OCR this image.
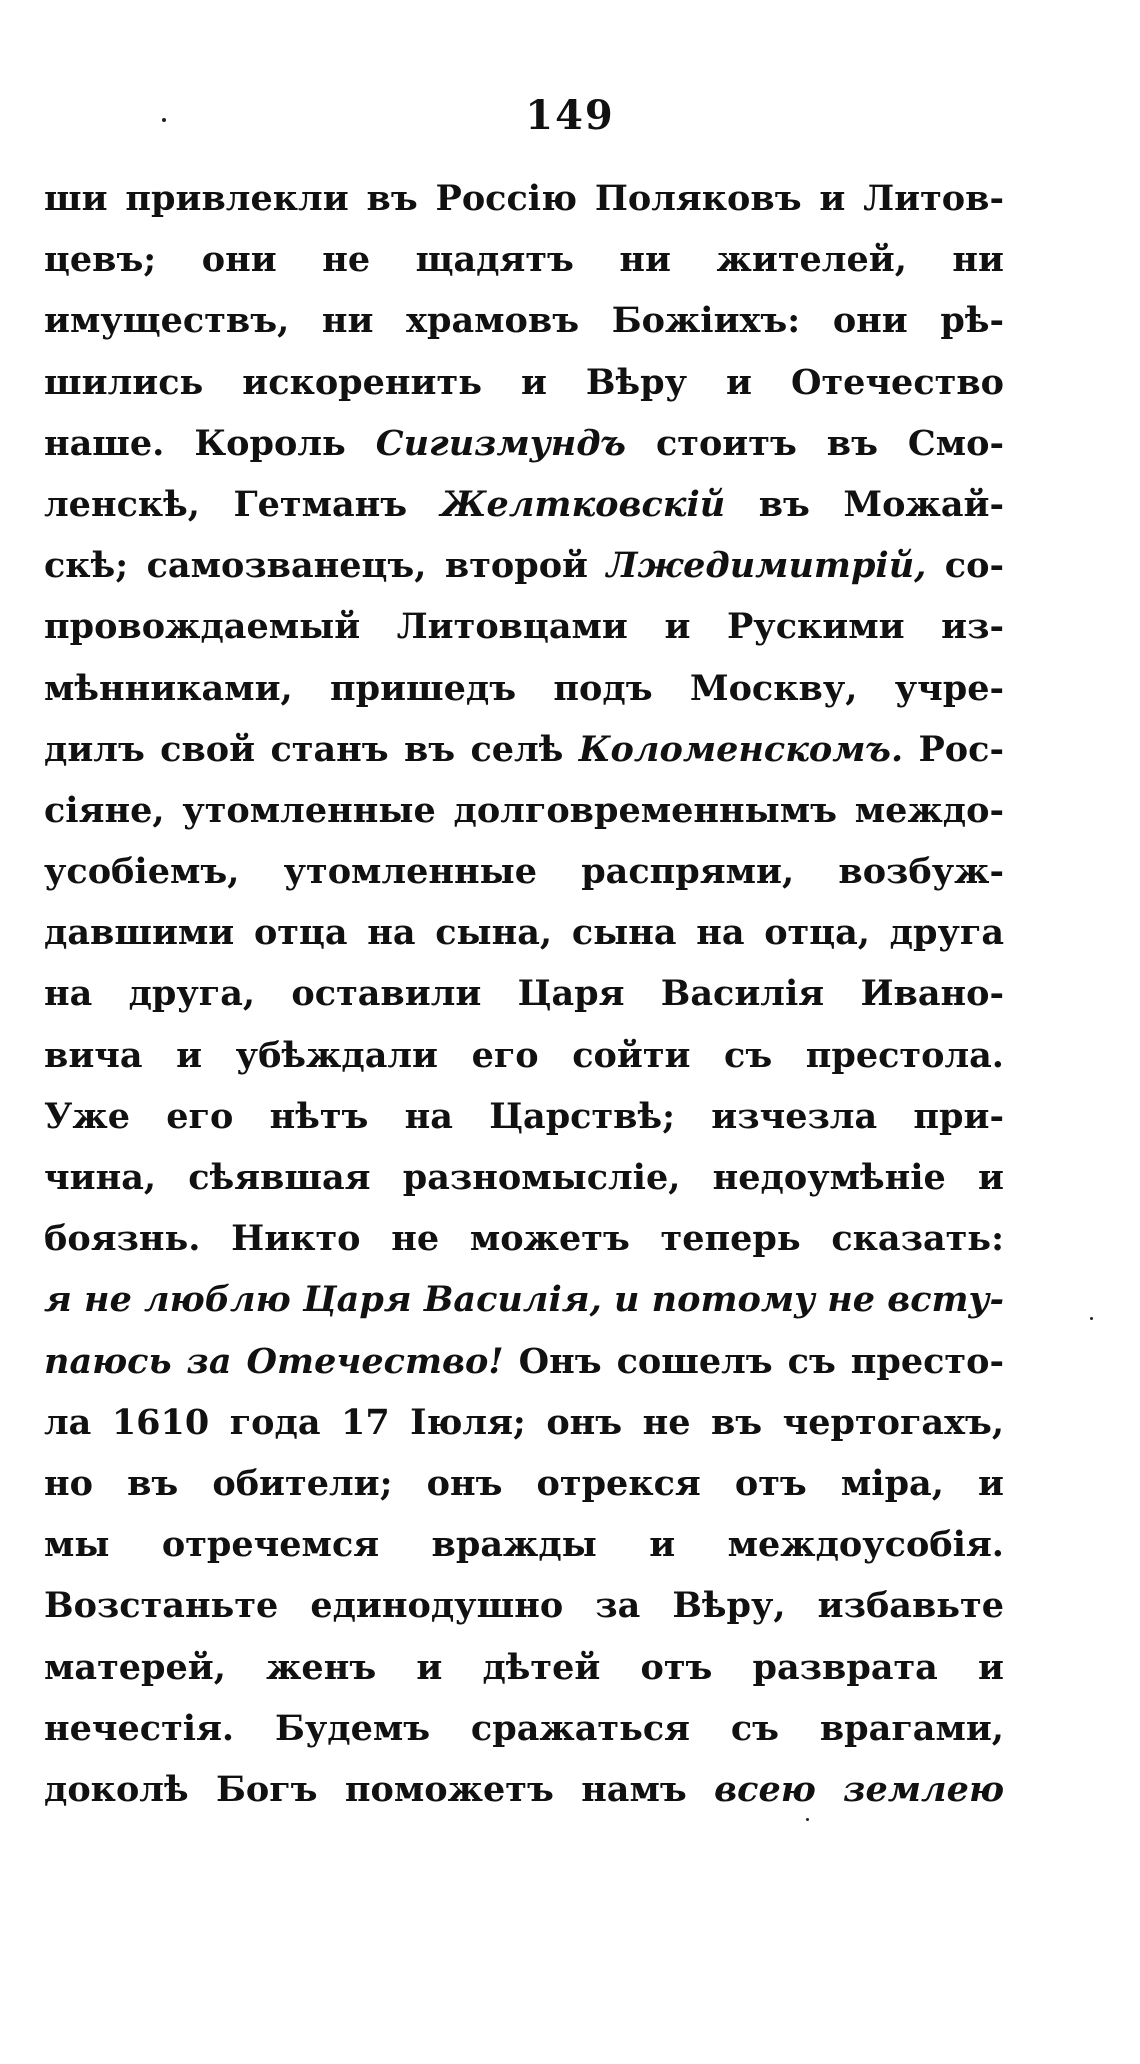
149
ши привлекли въ Россію Поляковъ и Литов-
цевъ; они не щадятъ ни жителей, ни
имуществъ, ни храмовъ Божіихъ: они рѣ-
шились искоренить и Вѣру и Отечество
наше. Король Сигизмундъ стоитъ въ Смо-
ленскѣ, Гетманъ Желтковскій въ Можай-
скѣ; самозванецъ, второй Лжедимитрій, со-
провождаемый Литовцами и Рускими из-
мѣнниками, пришедъ подъ Москву, учре-
дилъ свой станъ въ селѣ Коломенскомъ. Рос-
сіяне, утомленные долговременнымъ междо-
усобіемъ, утомленные распрями, возбуж-
давшими отца на сына, сына на отца, друга
на друга, оставили Царя Василія Ивано-
вича и убѣждали его сойти съ престола.
Уже его нѣтъ на Царствѣ; изчезла при-
чина, сѣявшая разномысліе, недоумѣніе и
боязнь. Никто не можетъ теперь сказать:
я не люблю Царя Василія, и потому не всту-
паюсь за Отечество! Онъ сошелъ съ престо-
ла 1610 года 17 Іюля; онъ не въ чертогахъ,
но въ обители; онъ отрекся отъ міра, и
мы отречемся вражды и междоусобія.
Возстаньте единодушно за Вѣру, избавьте
матерей, женъ и дѣтей отъ разврата и
нечестія. Будемъ сражаться съ врагами,
доколѣ Богъ поможетъ намъ всею землею
